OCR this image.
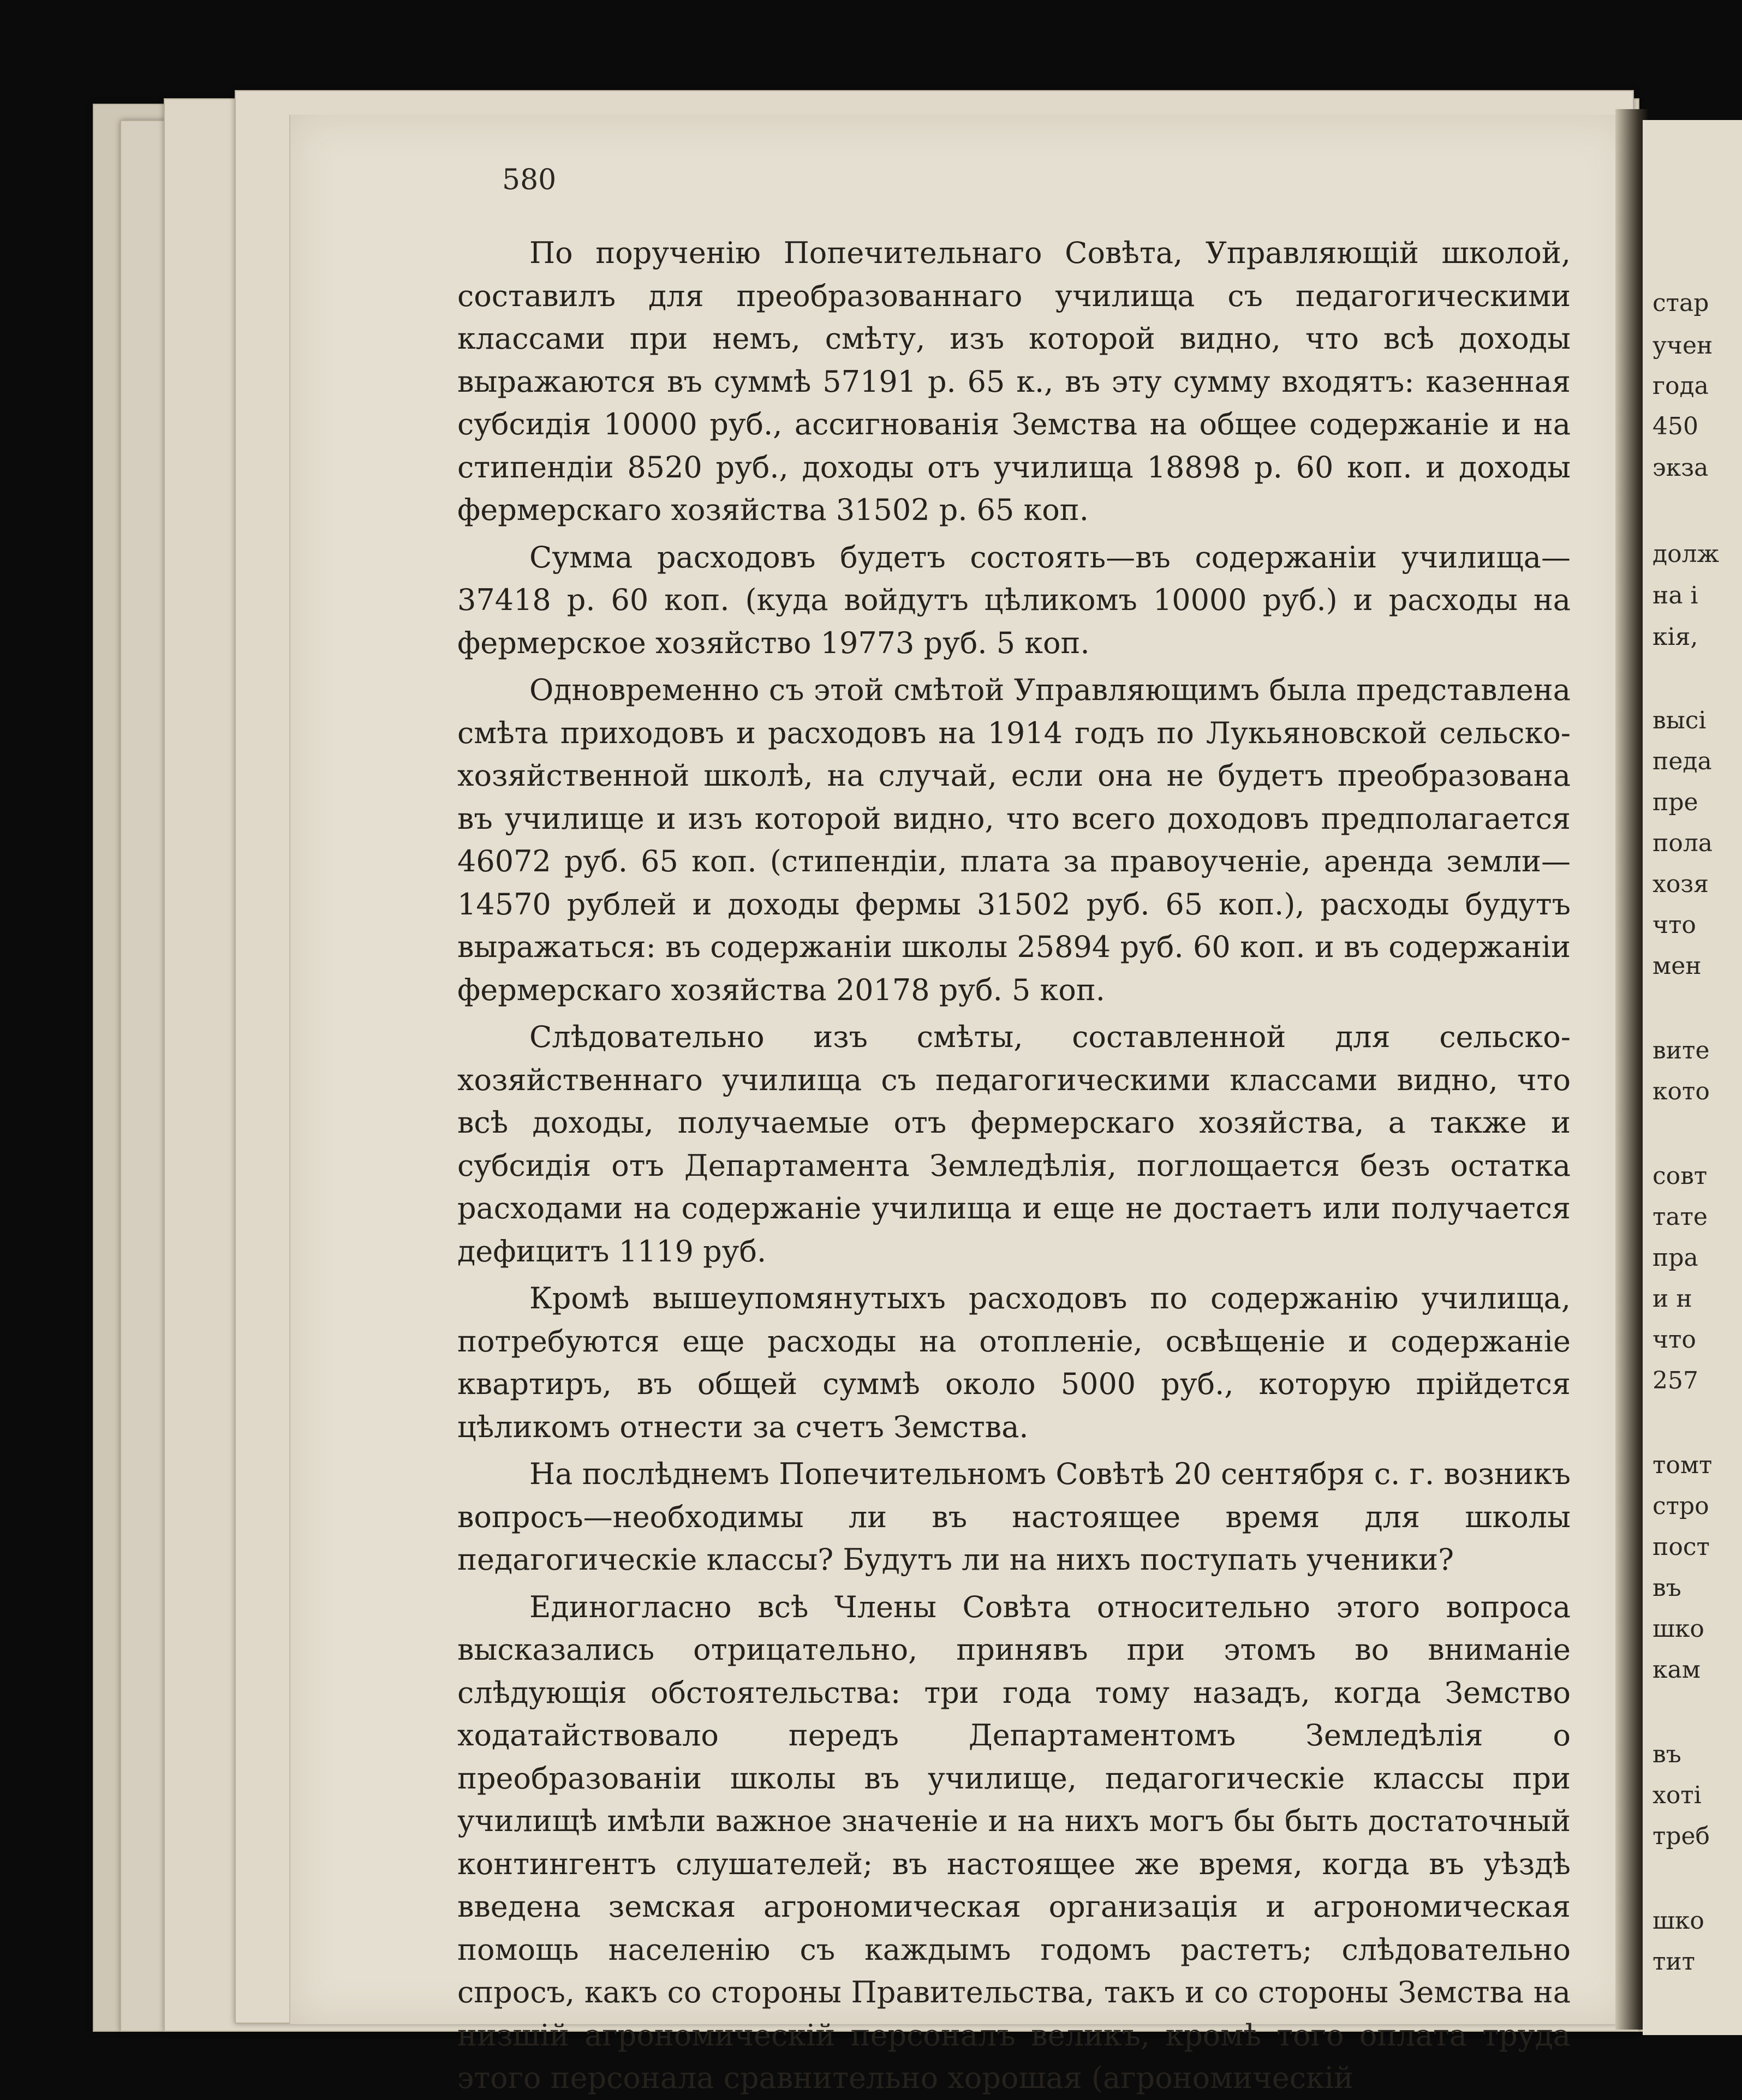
580

По порученію Попечительнаго Совѣта, Управляющій школой, составилъ для преобразованнаго училища съ педагогическими классами при немъ, смѣту, изъ которой видно, что всѣ доходы выражаются въ суммѣ 57191 р. 65 к., въ эту сумму входятъ: казенная субсидія 10000 руб., ассигнованія Земства на общее содержаніе и на стипендіи 8520 руб., доходы отъ училища 18898 р. 60 коп. и доходы фермерскаго хозяйства 31502 р. 65 коп.

Сумма расходовъ будетъ состоять—въ содержаніи училища—37418 р. 60 коп. (куда войдутъ цѣликомъ 10000 руб.) и расходы на фермерское хозяйство 19773 руб. 5 коп.

Одновременно съ этой смѣтой Управляющимъ была представлена смѣта приходовъ и расходовъ на 1914 годъ по Лукьяновской сельско-хозяйственной школѣ, на случай, если она не будетъ преобразована въ училище и изъ которой видно, что всего доходовъ предполагается 46072 руб. 65 коп. (стипендіи, плата за правоученіе, аренда земли—14570 рублей и доходы фермы 31502 руб. 65 коп.), расходы будутъ выражаться: въ содержаніи школы 25894 руб. 60 коп. и въ содержаніи фермерскаго хозяйства 20178 руб. 5 коп.

Слѣдовательно изъ смѣты, составленной для сельско-хозяйственнаго училища съ педагогическими классами видно, что всѣ доходы, получаемые отъ фермерскаго хозяйства, а также и субсидія отъ Департамента Земледѣлія, поглощается безъ остатка расходами на содержаніе училища и еще не достаетъ или получается дефицитъ 1119 руб.

Кромѣ вышеупомянутыхъ расходовъ по содержанію училища, потребуются еще расходы на отопленіе, освѣщеніе и содержаніе квартиръ, въ общей суммѣ около 5000 руб., которую прійдется цѣликомъ отнести за счетъ Земства.

На послѣднемъ Попечительномъ Совѣтѣ 20 сентября с. г. возникъ вопросъ—необходимы ли въ настоящее время для школы педагогическіе классы? Будутъ ли на нихъ поступать ученики?

Единогласно всѣ Члены Совѣта относительно этого вопроса высказались отрицательно, принявъ при этомъ во вниманіе слѣдующія обстоятельства: три года тому назадъ, когда Земство ходатайствовало передъ Департаментомъ Земледѣлія о преобразованіи школы въ училище, педагогическіе классы при училищѣ имѣли важное значеніе и на нихъ могъ бы быть достаточный контингентъ слушателей; въ настоящее же время, когда въ уѣздѣ введена земская агрономическая организація и агрономическая помощь населенію съ каждымъ годомъ растетъ; слѣдовательно спросъ, какъ со стороны Правительства, такъ и со стороны Земства на низшій агрономическій персоналъ великъ, кромѣ того оплата труда этого персонала сравнительно хорошая (агрономическій

стар
учен
года
450
экза
долж
на і
кія,
высі
педа
пре
пола
хозя
что
мен
вите
кото
совт
тате
пра
и н
что
257
томт
стро
пост
въ
шко
кам
въ
хоті
треб
шко
тит
